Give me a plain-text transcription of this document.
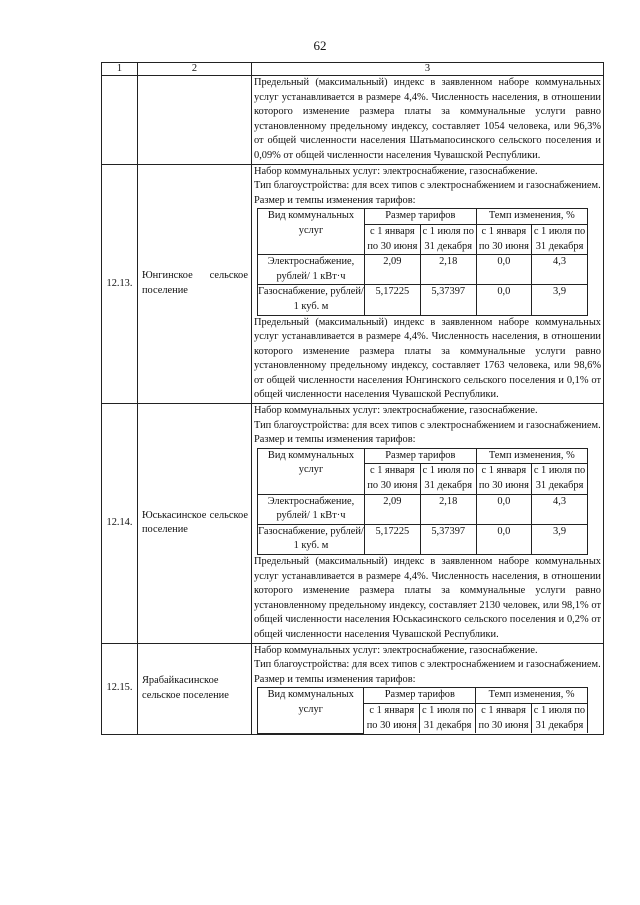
62
1	2	3

Предельный (максимальный) индекс в заявленном наборе коммунальных услуг устанавливается в размере 4,4%. Численность населения, в отношении которого изменение размера платы за коммунальные услуги равно установленному предельному индексу, составляет 1054 человека, или 96,3% от общей численности населения Шатьмапосинского сельского поселения и 0,09% от общей численности населения Чувашской Республики.

12.13.	Юнгинское сельское поселение	
Набор коммунальных услуг: электроснабжение, газоснабжение.
Тип благоустройства: для всех типов с электроснабжением и газоснабжением.
Размер и темпы изменения тарифов:
Вид коммунальных услуг	Размер тарифов	Темп изменения, %
с 1 января по 30 июня	с 1 июля по 31 декабря	с 1 января по 30 июня	с 1 июля по 31 декабря
Электроснабжение, рублей/ 1 кВт·ч	2,09	2,18	0,0	4,3
Газоснабжение, рублей/ 1 куб. м	5,17225	5,37397	0,0	3,9
Предельный (максимальный) индекс в заявленном наборе коммунальных услуг устанавливается в размере 4,4%. Численность населения, в отношении которого изменение размера платы за коммунальные услуги равно установленному предельному индексу, составляет 1763 человека, или 98,6% от общей численности населения Юнгинского сельского поселения и 0,1% от общей численности населения Чувашской Республики.

12.14.	Юськасинское сельское поселение	
Набор коммунальных услуг: электроснабжение, газоснабжение.
Тип благоустройства: для всех типов с электроснабжением и газоснабжением.
Размер и темпы изменения тарифов:
Вид коммунальных услуг	Размер тарифов	Темп изменения, %
с 1 января по 30 июня	с 1 июля по 31 декабря	с 1 января по 30 июня	с 1 июля по 31 декабря
Электроснабжение, рублей/ 1 кВт·ч	2,09	2,18	0,0	4,3
Газоснабжение, рублей/ 1 куб. м	5,17225	5,37397	0,0	3,9
Предельный (максимальный) индекс в заявленном наборе коммунальных услуг устанавливается в размере 4,4%. Численность населения, в отношении которого изменение размера платы за коммунальные услуги равно установленному предельному индексу, составляет 2130 человек, или 98,1% от общей численности населения Юськасинского сельского поселения и 0,2% от общей численности населения Чувашской Республики.

12.15.	Ярабайкасинское сельское поселение	
Набор коммунальных услуг: электроснабжение, газоснабжение.
Тип благоустройства: для всех типов с электроснабжением и газоснабжением.
Размер и темпы изменения тарифов:
Вид коммунальных услуг	Размер тарифов	Темп изменения, %
с 1 января по 30 июня	с 1 июля по 31 декабря	с 1 января по 30 июня	с 1 июля по 31 декабря
